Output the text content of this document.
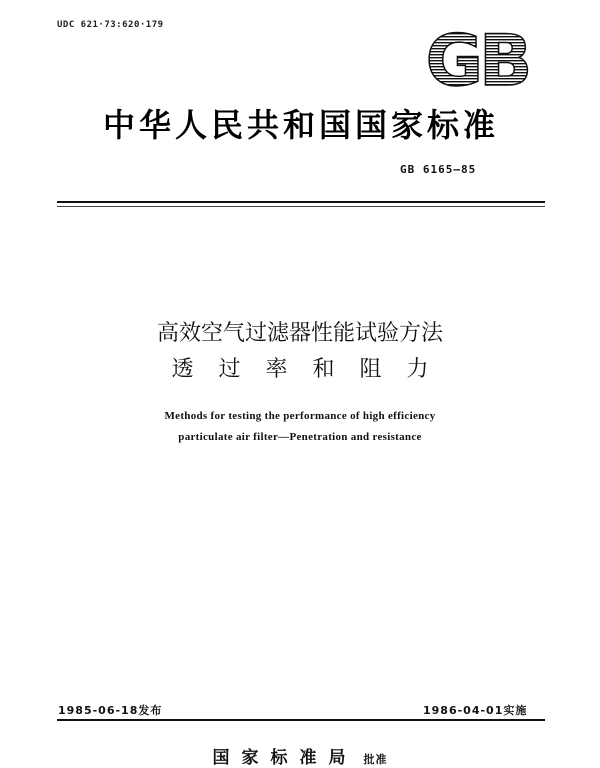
UDC 621·73:620·179	GB
中华人民共和国国家标准
GB 6165—85
高效空气过滤器性能试验方法
透 过 率 和 阻 力
Methods for testing the performance of high efficiency
particulate air filter—Penetration and resistance
1985-06-18发布	1986-04-01实施
国家标准局 批准
